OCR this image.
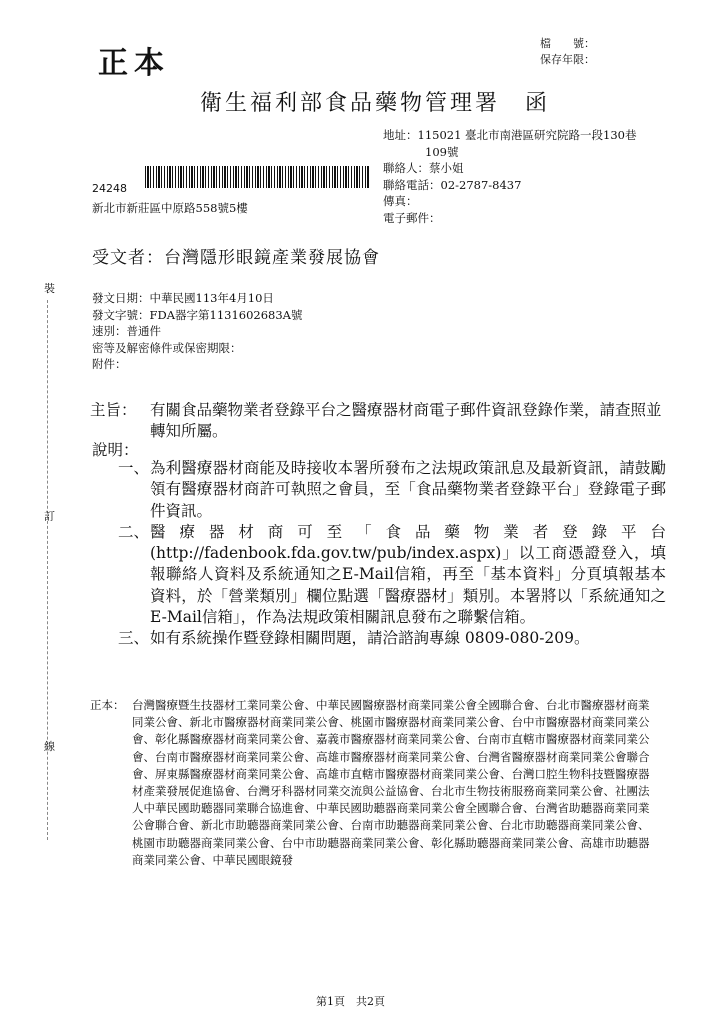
正本
檔　　號：
保存年限：
衛生福利部食品藥物管理署　函
地址：115021 臺北市南港區研究院路一段130巷
109號
聯絡人：蔡小姐
聯絡電話：02-2787-8437
傳真：
電子郵件：
24248
新北市新莊區中原路558號5樓
受文者：台灣隱形眼鏡產業發展協會
發文日期：中華民國113年4月10日
發文字號：FDA器字第1131602683A號
速別：普通件
密等及解密條件或保密期限：
附件：
主旨： 有關食品藥物業者登錄平台之醫療器材商電子郵件資訊登錄作業，請查照並轉知所屬。
說明：
一、 為利醫療器材商能及時接收本署所發布之法規政策訊息及最新資訊，請鼓勵領有醫療器材商許可執照之會員，至「食品藥物業者登錄平台」登錄電子郵件資訊。
二、 醫療器材商可至「食品藥物業者登錄平台(http://fadenbook.fda.gov.tw/pub/index.aspx)」以工商憑證登入，填報聯絡人資料及系統通知之E-Mail信箱，再至「基本資料」分頁填報基本資料，於「營業類別」欄位點選「醫療器材」類別。本署將以「系統通知之E-Mail信箱」，作為法規政策相關訊息發布之聯繫信箱。
三、 如有系統操作暨登錄相關問題，請洽諮詢專線 0809-080-209。
正本： 台灣醫療暨生技器材工業同業公會、中華民國醫療器材商業同業公會全國聯合會、台北市醫療器材商業同業公會、新北市醫療器材商業同業公會、桃園市醫療器材商業同業公會、台中市醫療器材商業同業公會、彰化縣醫療器材商業同業公會、嘉義市醫療器材商業同業公會、台南市直轄市醫療器材商業同業公會、台南市醫療器材商業同業公會、高雄市醫療器材商業同業公會、台灣省醫療器材商業同業公會聯合會、屏東縣醫療器材商業同業公會、高雄市直轄市醫療器材商業同業公會、台灣口腔生物科技暨醫療器材產業發展促進協會、台灣牙科器材同業交流與公益協會、台北市生物技術服務商業同業公會、社團法人中華民國助聽器同業聯合協進會、中華民國助聽器商業同業公會全國聯合會、台灣省助聽器商業同業公會聯合會、新北市助聽器商業同業公會、台南市助聽器商業同業公會、台北市助聽器商業同業公會、桃園市助聽器商業同業公會、台中市助聽器商業同業公會、彰化縣助聽器商業同業公會、高雄市助聽器商業同業公會、中華民國眼鏡發
裝
訂
線
第1頁　共2頁
